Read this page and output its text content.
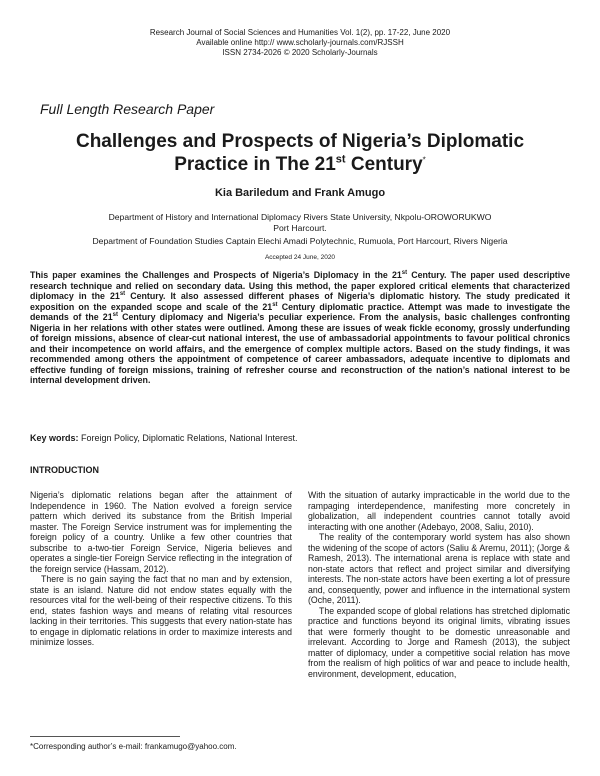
Research Journal of Social Sciences and Humanities Vol. 1(2), pp. 17-22, June 2020
Available online http:// www.scholarly-journals.com/RJSSH
ISSN 2734-2026 © 2020 Scholarly-Journals
Full Length Research Paper
Challenges and Prospects of Nigeria’s Diplomatic
Practice in The 21st Century*
Kia Bariledum and Frank Amugo
Department of History and International Diplomacy Rivers State University, Nkpolu-OROWORUKWO
Port Harcourt.
Department of Foundation Studies Captain Elechi Amadi Polytechnic, Rumuola, Port Harcourt, Rivers Nigeria
Accepted 24 June, 2020
This paper examines the Challenges and Prospects of Nigeria’s Diplomacy in the 21st Century. The paper used descriptive research technique and relied on secondary data. Using this method, the paper explored critical elements that characterized diplomacy in the 21st Century. It also assessed different phases of Nigeria’s diplomatic history. The study predicated it exposition on the expanded scope and scale of the 21st Century diplomatic practice. Attempt was made to investigate the demands of the 21st Century diplomacy and Nigeria’s peculiar experience. From the analysis, basic challenges confronting Nigeria in her relations with other states were outlined. Among these are issues of weak fickle economy, grossly underfunding of foreign missions, absence of clear-cut national interest, the use of ambassadorial appointments to favour political chronics and their incompetence on world affairs, and the emergence of complex multiple actors. Based on the study findings, it was recommended among others the appointment of competence of career ambassadors, adequate incentive to diplomats and effective funding of foreign missions, training of refresher course and reconstruction of the nation’s national interest to be internal development driven.
Key words: Foreign Policy, Diplomatic Relations, National Interest.
INTRODUCTION

Nigeria’s diplomatic relations began after the attainment of Independence in 1960. The Nation evolved a foreign service pattern which derived its substance from the British Imperial master. The Foreign Service instrument was for implementing the foreign policy of a country. Unlike a few other countries that subscribe to a-two-tier Foreign Service, Nigeria believes and operates a single-tier Foreign Service reflecting in the integration of the foreign service (Hassam, 2012).

There is no gain saying the fact that no man and by extension, state is an island. Nature did not endow states equally with the resources vital for the well-being of their respective citizens. To this end, states fashion ways and means of relating vital resources lacking in their territories. This suggests that every nation-state has to engage in diplomatic relations in order to maximize interests and minimize losses.

With the situation of autarky impracticable in the world due to the rampaging interdependence, manifesting more concretely in globalization, all independent countries cannot totally avoid interacting with one another (Adebayo, 2008, Saliu, 2010).

The reality of the contemporary world system has also shown the widening of the scope of actors (Saliu & Aremu, 2011); (Jorge & Ramesh, 2013). The international arena is replace with state and non-state actors that reflect and project similar and diversifying interests. The non-state actors have been exerting a lot of pressure and, consequently, power and influence in the international system (Oche, 2011).

The expanded scope of global relations has stretched diplomatic practice and functions beyond its original limits, vibrating issues that were formerly thought to be domestic unreasonable and irrelevant. According to Jorge and Ramesh (2013), the subject matter of diplomacy, under a competitive social relation has move from the realism of high politics of war and peace to include health, environment, development, education,

*Corresponding author’s e-mail: frankamugo@yahoo.com.
